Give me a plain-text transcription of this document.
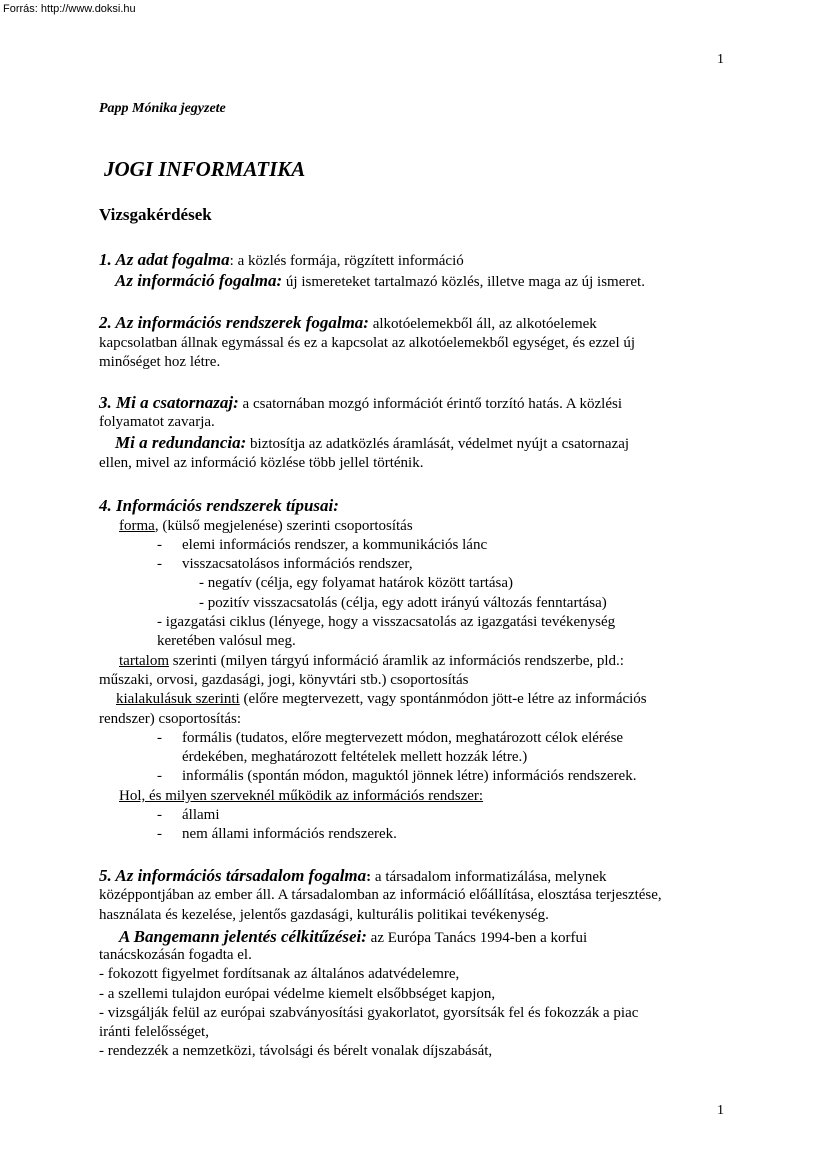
Forrás: http://www.doksi.hu
1
Papp Mónika jegyzete
JOGI INFORMATIKA
Vizsgakérdések
1. Az adat fogalma: a közlés formája, rögzített információ
Az információ fogalma: új ismereteket tartalmazó közlés, illetve maga az új ismeret.
2. Az információs rendszerek fogalma: alkotóelemekből áll, az alkotóelemek
kapcsolatban állnak egymással és ez a kapcsolat az alkotóelemekből egységet, és ezzel új
minőséget hoz létre.
3. Mi a csatornazaj: a csatornában mozgó információt érintő torzító hatás. A közlési
folyamatot zavarja.
Mi a redundancia: biztosítja az adatközlés áramlását, védelmet nyújt a csatornazaj
ellen, mivel az információ közlése több jellel történik.
4. Információs rendszerek típusai:
forma, (külső megjelenése) szerinti csoportosítás
- elemi információs rendszer, a kommunikációs lánc
- visszacsatolásos információs rendszer,
- negatív (célja, egy folyamat határok között tartása)
- pozitív visszacsatolás (célja, egy adott irányú változás fenntartása)
- igazgatási ciklus (lényege, hogy a visszacsatolás az igazgatási tevékenység
keretében valósul meg.
tartalom szerinti (milyen tárgyú információ áramlik az információs rendszerbe, pld.:
műszaki, orvosi, gazdasági, jogi, könyvtári stb.) csoportosítás
kialakulásuk szerinti (előre megtervezett, vagy spontánmódon jött-e létre az információs
rendszer) csoportosítás:
- formális (tudatos, előre megtervezett módon, meghatározott célok elérése
érdekében, meghatározott feltételek mellett hozzák létre.)
- informális (spontán módon, maguktól jönnek létre) információs rendszerek.
Hol, és milyen szerveknél működik az információs rendszer:
- állami
- nem állami információs rendszerek.
5. Az információs társadalom fogalma: a társadalom informatizálása, melynek
középpontjában az ember áll. A társadalomban az információ előállítása, elosztása terjesztése,
használata és kezelése, jelentős gazdasági, kulturális politikai tevékenység.
A Bangemann jelentés célkitűzései: az Európa Tanács 1994-ben a korfui
tanácskozásán fogadta el.
- fokozott figyelmet fordítsanak az általános adatvédelemre,
- a szellemi tulajdon európai védelme kiemelt elsőbbséget kapjon,
- vizsgálják felül az európai szabványosítási gyakorlatot, gyorsítsák fel és fokozzák a piac
iránti felelősséget,
- rendezzék a nemzetközi, távolsági és bérelt vonalak díjszabását,
1
